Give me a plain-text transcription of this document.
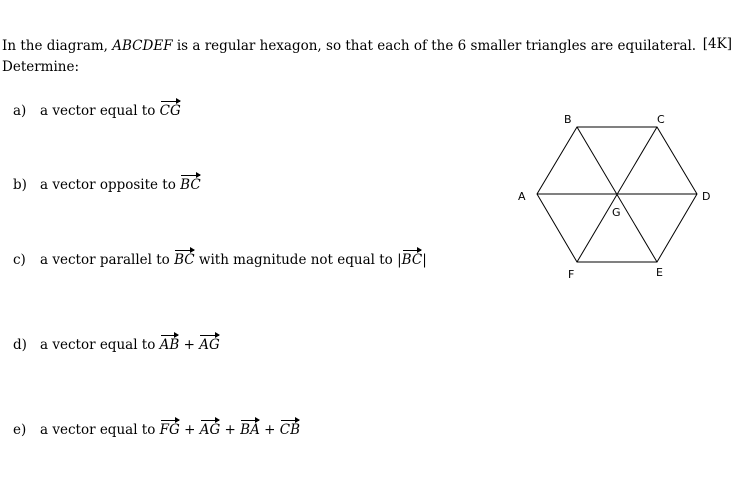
In the diagram, ABCDEF is a regular hexagon, so that each of the 6 smaller triangles are equilateral.
Determine:
[4K]
a) a vector equal to CG
b) a vector opposite to BC
c) a vector parallel to BC with magnitude not equal to |BC|
d) a vector equal to AB + AG
e) a vector equal to FG + AG + BA + CB
B	C
A	D
G
F	E
